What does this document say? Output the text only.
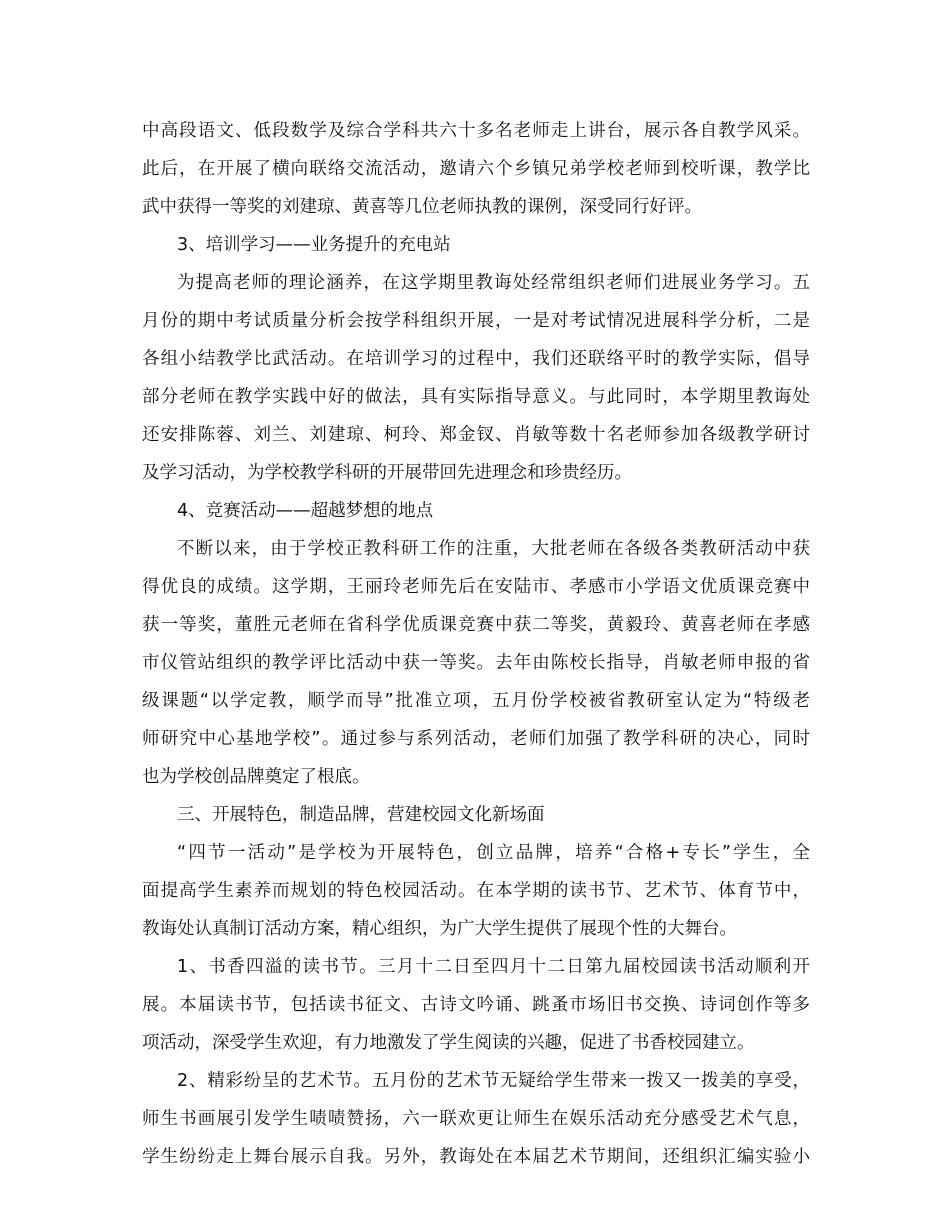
中高段语文、低段数学及综合学科共六十多名老师走上讲台，展示各自教学风采。
此后，在开展了横向联络交流活动，邀请六个乡镇兄弟学校老师到校听课，教学比
武中获得一等奖的刘建琼、黄喜等几位老师执教的课例，深受同行好评。
3、培训学习——业务提升的充电站
为提高老师的理论涵养，在这学期里教诲处经常组织老师们进展业务学习。五
月份的期中考试质量分析会按学科组织开展，一是对考试情况进展科学分析，二是
各组小结教学比武活动。在培训学习的过程中，我们还联络平时的教学实际，倡导
部分老师在教学实践中好的做法，具有实际指导意义。与此同时，本学期里教诲处
还安排陈蓉、刘兰、刘建琼、柯玲、郑金钗、肖敏等数十名老师参加各级教学研讨
及学习活动，为学校教学科研的开展带回先进理念和珍贵经历。
4、竞赛活动——超越梦想的地点
不断以来，由于学校正教科研工作的注重，大批老师在各级各类教研活动中获
得优良的成绩。这学期，王丽玲老师先后在安陆市、孝感市小学语文优质课竞赛中
获一等奖，董胜元老师在省科学优质课竞赛中获二等奖，黄毅玲、黄喜老师在孝感
市仪管站组织的教学评比活动中获一等奖。去年由陈校长指导，肖敏老师申报的省
级课题“以学定教，顺学而导”批准立项，五月份学校被省教研室认定为“特级老
师研究中心基地学校”。通过参与系列活动，老师们加强了教学科研的决心，同时
也为学校创品牌奠定了根底。
三、开展特色，制造品牌，营建校园文化新场面
“四节一活动”是学校为开展特色，创立品牌，培养“合格+专长”学生，全
面提高学生素养而规划的特色校园活动。在本学期的读书节、艺术节、体育节中，
教诲处认真制订活动方案，精心组织，为广大学生提供了展现个性的大舞台。
1、书香四溢的读书节。三月十二日至四月十二日第九届校园读书活动顺利开
展。本届读书节，包括读书征文、古诗文吟诵、跳蚤市场旧书交换、诗词创作等多
项活动，深受学生欢迎，有力地激发了学生阅读的兴趣，促进了书香校园建立。
2、精彩纷呈的艺术节。五月份的艺术节无疑给学生带来一拨又一拨美的享受，
师生书画展引发学生啧啧赞扬，六一联欢更让师生在娱乐活动充分感受艺术气息，
学生纷纷走上舞台展示自我。另外，教诲处在本届艺术节期间，还组织汇编实验小
